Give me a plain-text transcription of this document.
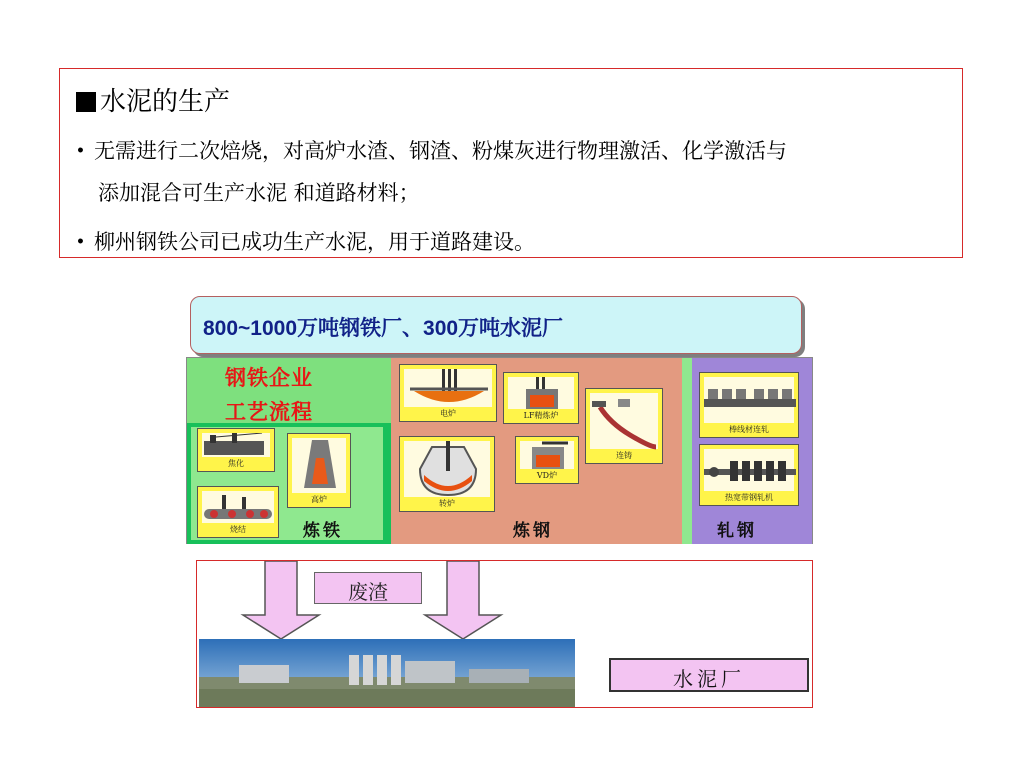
水泥的生产
• 无需进行二次焙烧，对高炉水渣、钢渣、粉煤灰进行物理激活、化学激活与
添加混合可生产水泥 和道路材料；
• 柳州钢铁公司已成功生产水泥，用于道路建设。
800~1000万吨钢铁厂、300万吨水泥厂
钢铁企业
工艺流程
焦化
烧结
高炉
炼铁
电炉	LF精炼炉
连铸
转炉
VD炉
炼钢
棒线材连轧
热宽带钢轧机
轧钢
废渣
水泥厂
